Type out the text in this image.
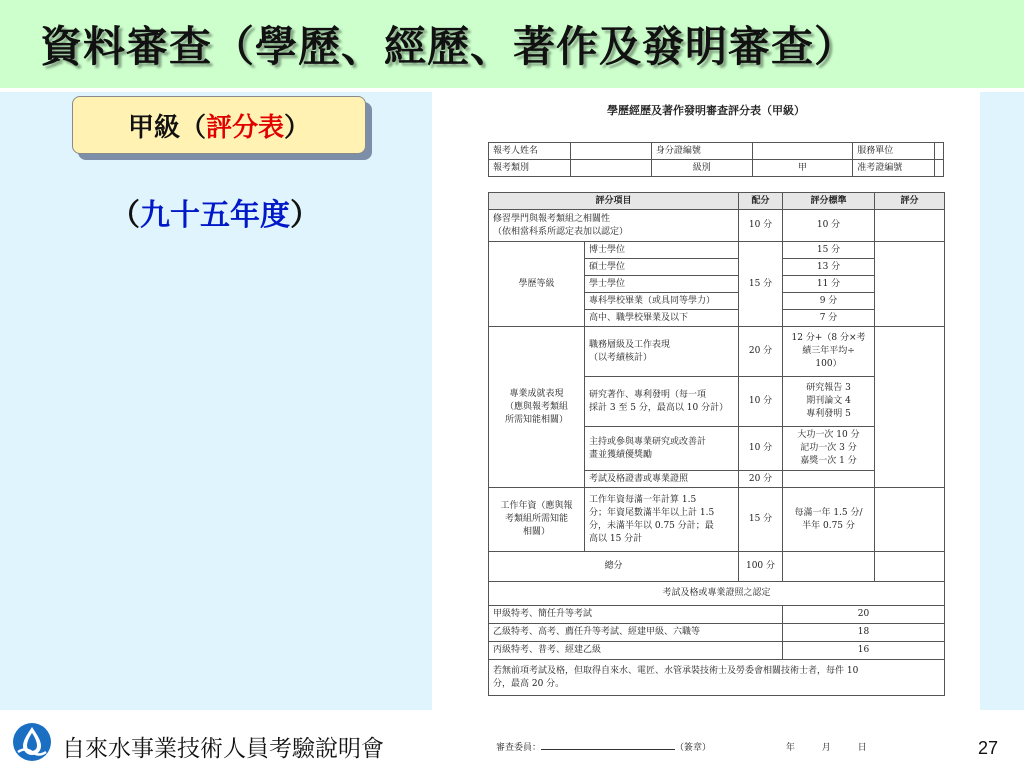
資料審查（學歷、經歷、著作及發明審查）
甲級（評分表）
（九十五年度）
學歷經歷及著作發明審查評分表（甲級）
報考人姓名		身分證編號		服務單位	
報考類別		級別	甲	准考證編號	
評分項目		配分	評分標準	評分
修習學門與報考類組之相關性
（依相當科系所認定表加以認定）		10 分	10 分	
學歷等級	博士學位	15 分	15 分	
	碩士學位		13 分	
	學士學位		11 分	
	專科學校畢業（或具同等學力）		9 分	
	高中、職學校畢業及以下		7 分	
專業成就表現
（應與報考類組
所需知能相關）	職務層級及工作表現
（以考績核計）	20 分	12 分+（8 分×考
績三年平均÷
100）	
	研究著作、專利發明（每一項
採計 3 至 5 分，最高以 10 分計）	10 分	研究報告 3
期刊論文 4
專利發明 5	
	主持或參與專業研究或改善計
畫並獲績優獎勵	10 分	大功一次 10 分
記功一次 3 分
嘉獎一次 1 分	
	考試及格證書或專業證照	20 分		
工作年資（應與報
考類組所需知能
相關）	工作年資每滿一年計算 1.5
分；年資尾數滿半年以上計 1.5
分，未滿半年以 0.75 分計；最
高以 15 分計	15 分	每滿一年 1.5 分/
半年 0.75 分	
總分		100 分		
考試及格或專業證照之認定				
甲級特考、簡任升等考試			20	
乙級特考、高考、薦任升等考試、經建甲級、六職等			18	
丙級特考、普考、經建乙級			16	
若無前項考試及格，但取得自來水、電匠、水管承裝技術士及勞委會相關技術士者，每件 10
分，最高 20 分。				
審查委員：	（簽章）	年	月	日
自來水事業技術人員考驗說明會	27
